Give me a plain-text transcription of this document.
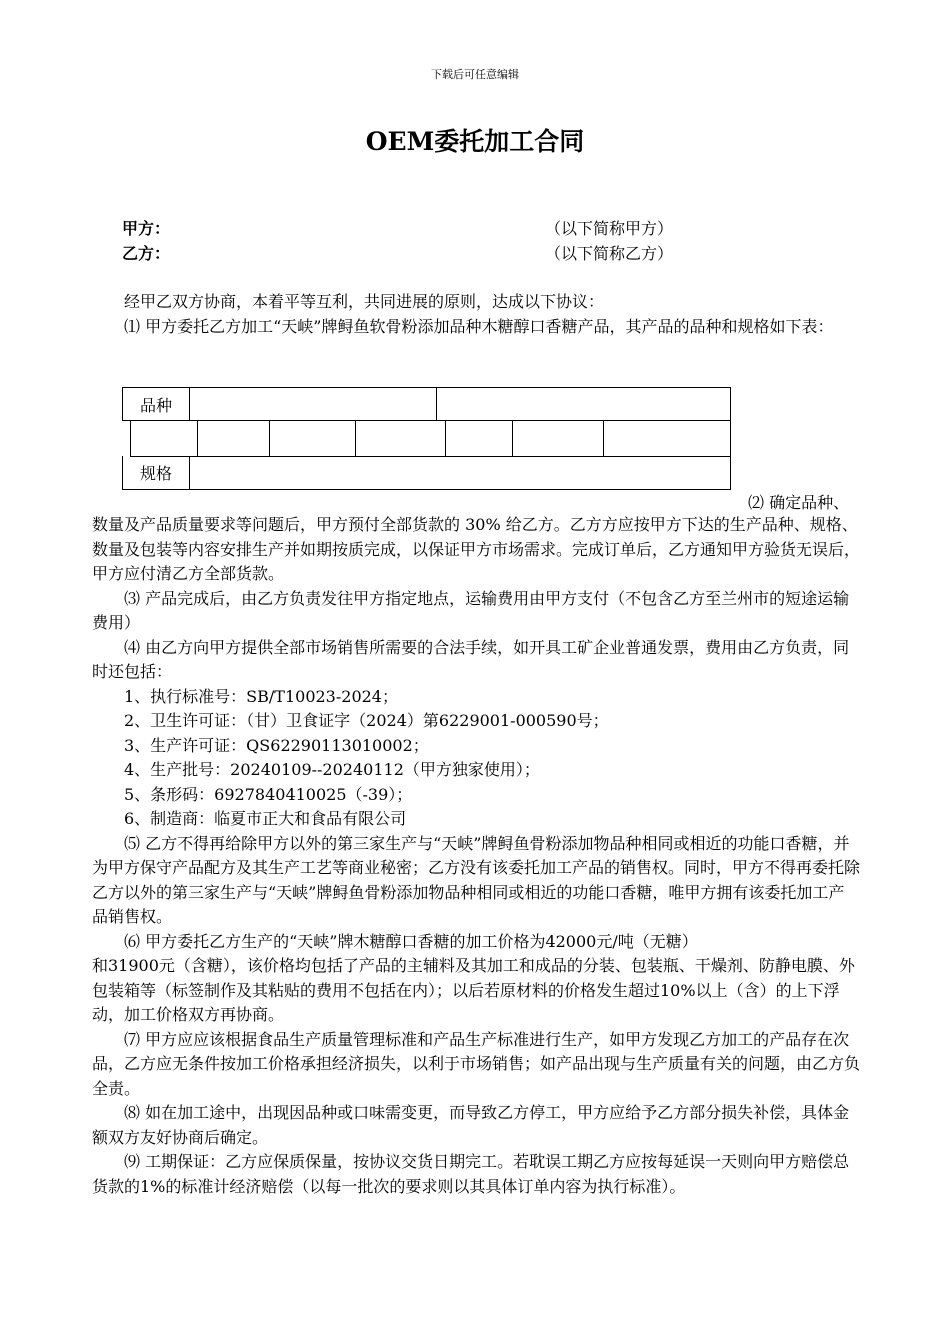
下载后可任意编辑
OEM委托加工合同
甲方：	（以下简称甲方）
乙方：	（以下简称乙方）

经甲乙双方协商，本着平等互利，共同进展的原则，达成以下协议：

⑴ 甲方委托乙方加工“天峡”牌鲟鱼软骨粉添加品种木糖醇口香糖产品，其产品的品种和规格如下表：

品种
规格
⑵ 确定品种、

数量及产品质量要求等问题后，甲方预付全部货款的 30% 给乙方。乙方方应按甲方下达的生产品种、规格、数量及包装等内容安排生产并如期按质完成，以保证甲方市场需求。完成订单后，乙方通知甲方验货无误后，甲方应付清乙方全部货款。

⑶ 产品完成后，由乙方负责发往甲方指定地点，运输费用由甲方支付（不包含乙方至兰州市的短途运输费用）

⑷ 由乙方向甲方提供全部市场销售所需要的合法手续，如开具工矿企业普通发票，费用由乙方负责，同时还包括：

1、执行标准号：SB/T10023-2024；

2、卫生许可证：（甘）卫食证字（2024）第6229001-000590号；

3、生产许可证：QS62290113010002；

4、生产批号：20240109--20240112（甲方独家使用）；

5、条形码：6927840410025（-39）；

6、制造商：临夏市正大和食品有限公司

⑸ 乙方不得再给除甲方以外的第三家生产与“天峡”牌鲟鱼骨粉添加物品种相同或相近的功能口香糖，并为甲方保守产品配方及其生产工艺等商业秘密；乙方没有该委托加工产品的销售权。同时，甲方不得再委托除乙方以外的第三家生产与“天峡”牌鲟鱼骨粉添加物品种相同或相近的功能口香糖，唯甲方拥有该委托加工产品销售权。

⑹ 甲方委托乙方生产的“天峡”牌木糖醇口香糖的加工价格为42000元/吨（无糖）

和31900元（含糖），该价格均包括了产品的主辅料及其加工和成品的分装、包装瓶、干燥剂、防静电膜、外包装箱等（标签制作及其粘贴的费用不包括在内）；以后若原材料的价格发生超过10%以上（含）的上下浮动，加工价格双方再协商。

⑺ 甲方应应该根据食品生产质量管理标准和产品生产标准进行生产，如甲方发现乙方加工的产品存在次品，乙方应无条件按加工价格承担经济损失，以利于市场销售；如产品出现与生产质量有关的问题，由乙方负全责。

⑻ 如在加工途中，出现因品种或口味需变更，而导致乙方停工，甲方应给予乙方部分损失补偿，具体金额双方友好协商后确定。

⑼ 工期保证：乙方应保质保量，按协议交货日期完工。若耽误工期乙方应按每延误一天则向甲方赔偿总货款的1%的标准计经济赔偿（以每一批次的要求则以其具体订单内容为执行标准）。
